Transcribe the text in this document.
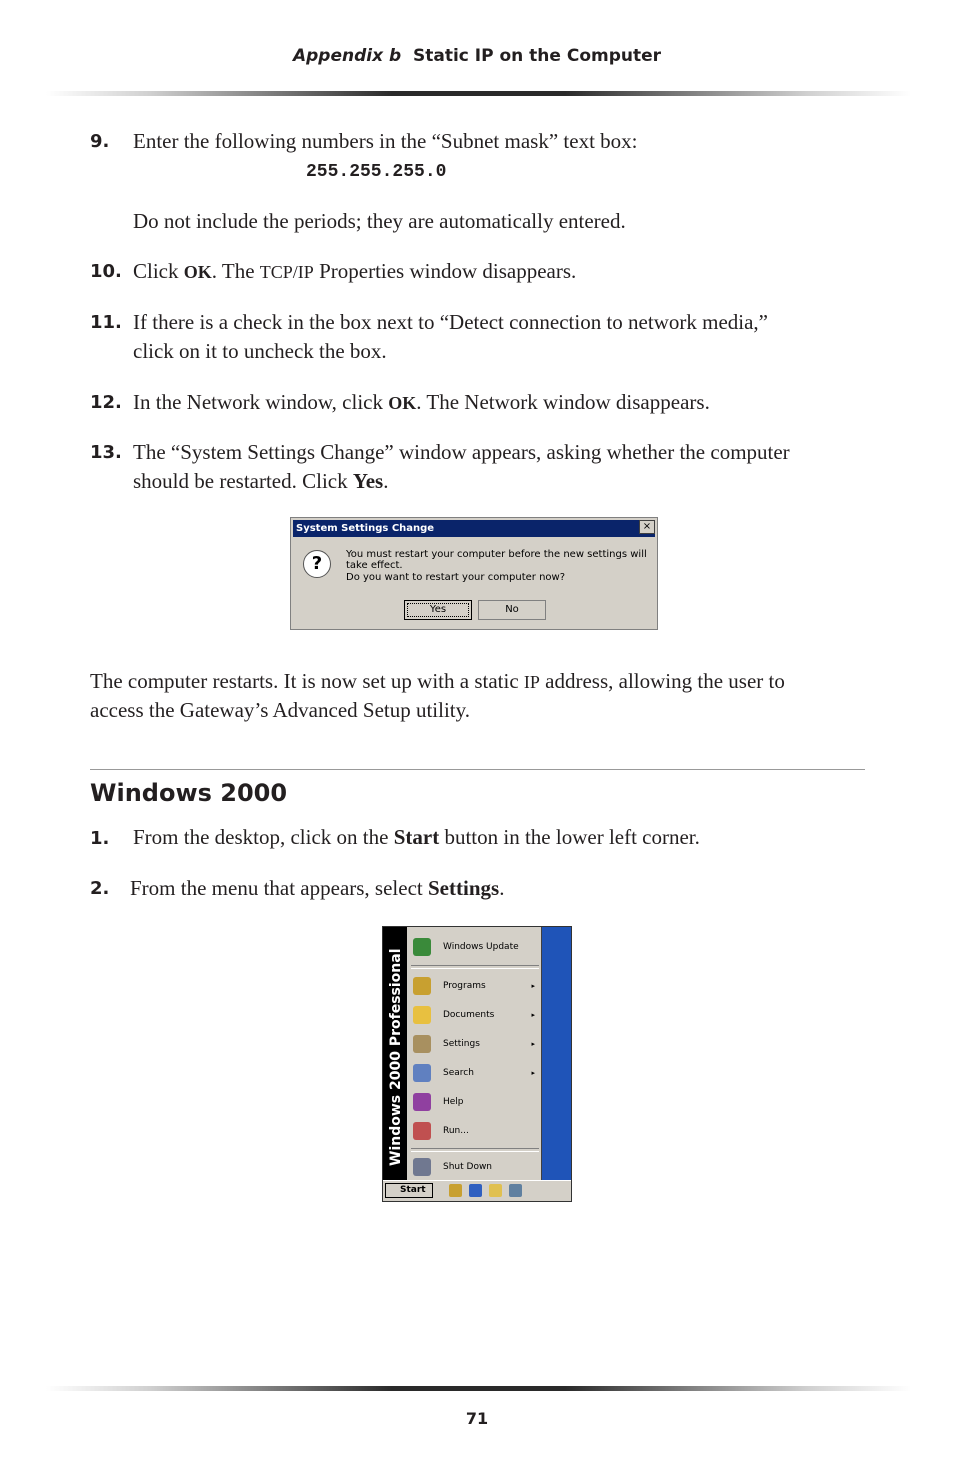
Appendix b Static IP on the Computer
9. Enter the following numbers in the “Subnet mask” text box:
255.255.255.0
Do not include the periods; they are automatically entered.
10. Click OK. The TCP/IP Properties window disappears.
11. If there is a check in the box next to “Detect connection to network media,”
click on it to uncheck the box.
12. In the Network window, click OK. The Network window disappears.
13. The “System Settings Change” window appears, asking whether the computer
should be restarted. Click Yes.
System Settings Change	×
?	You must restart your computer before the new settings will take effect.
Do you want to restart your computer now?
Yes	No
The computer restarts. It is now set up with a static IP address, allowing the user to
access the Gateway’s Advanced Setup utility.
Windows 2000
1. From the desktop, click on the Start button in the lower left corner.
2. From the menu that appears, select Settings.
Windows 2000 Professional
Windows Update
Programs	▸
Documents	▸
Settings	▸
Search	▸
Help
Run...
Shut Down
Start
71
